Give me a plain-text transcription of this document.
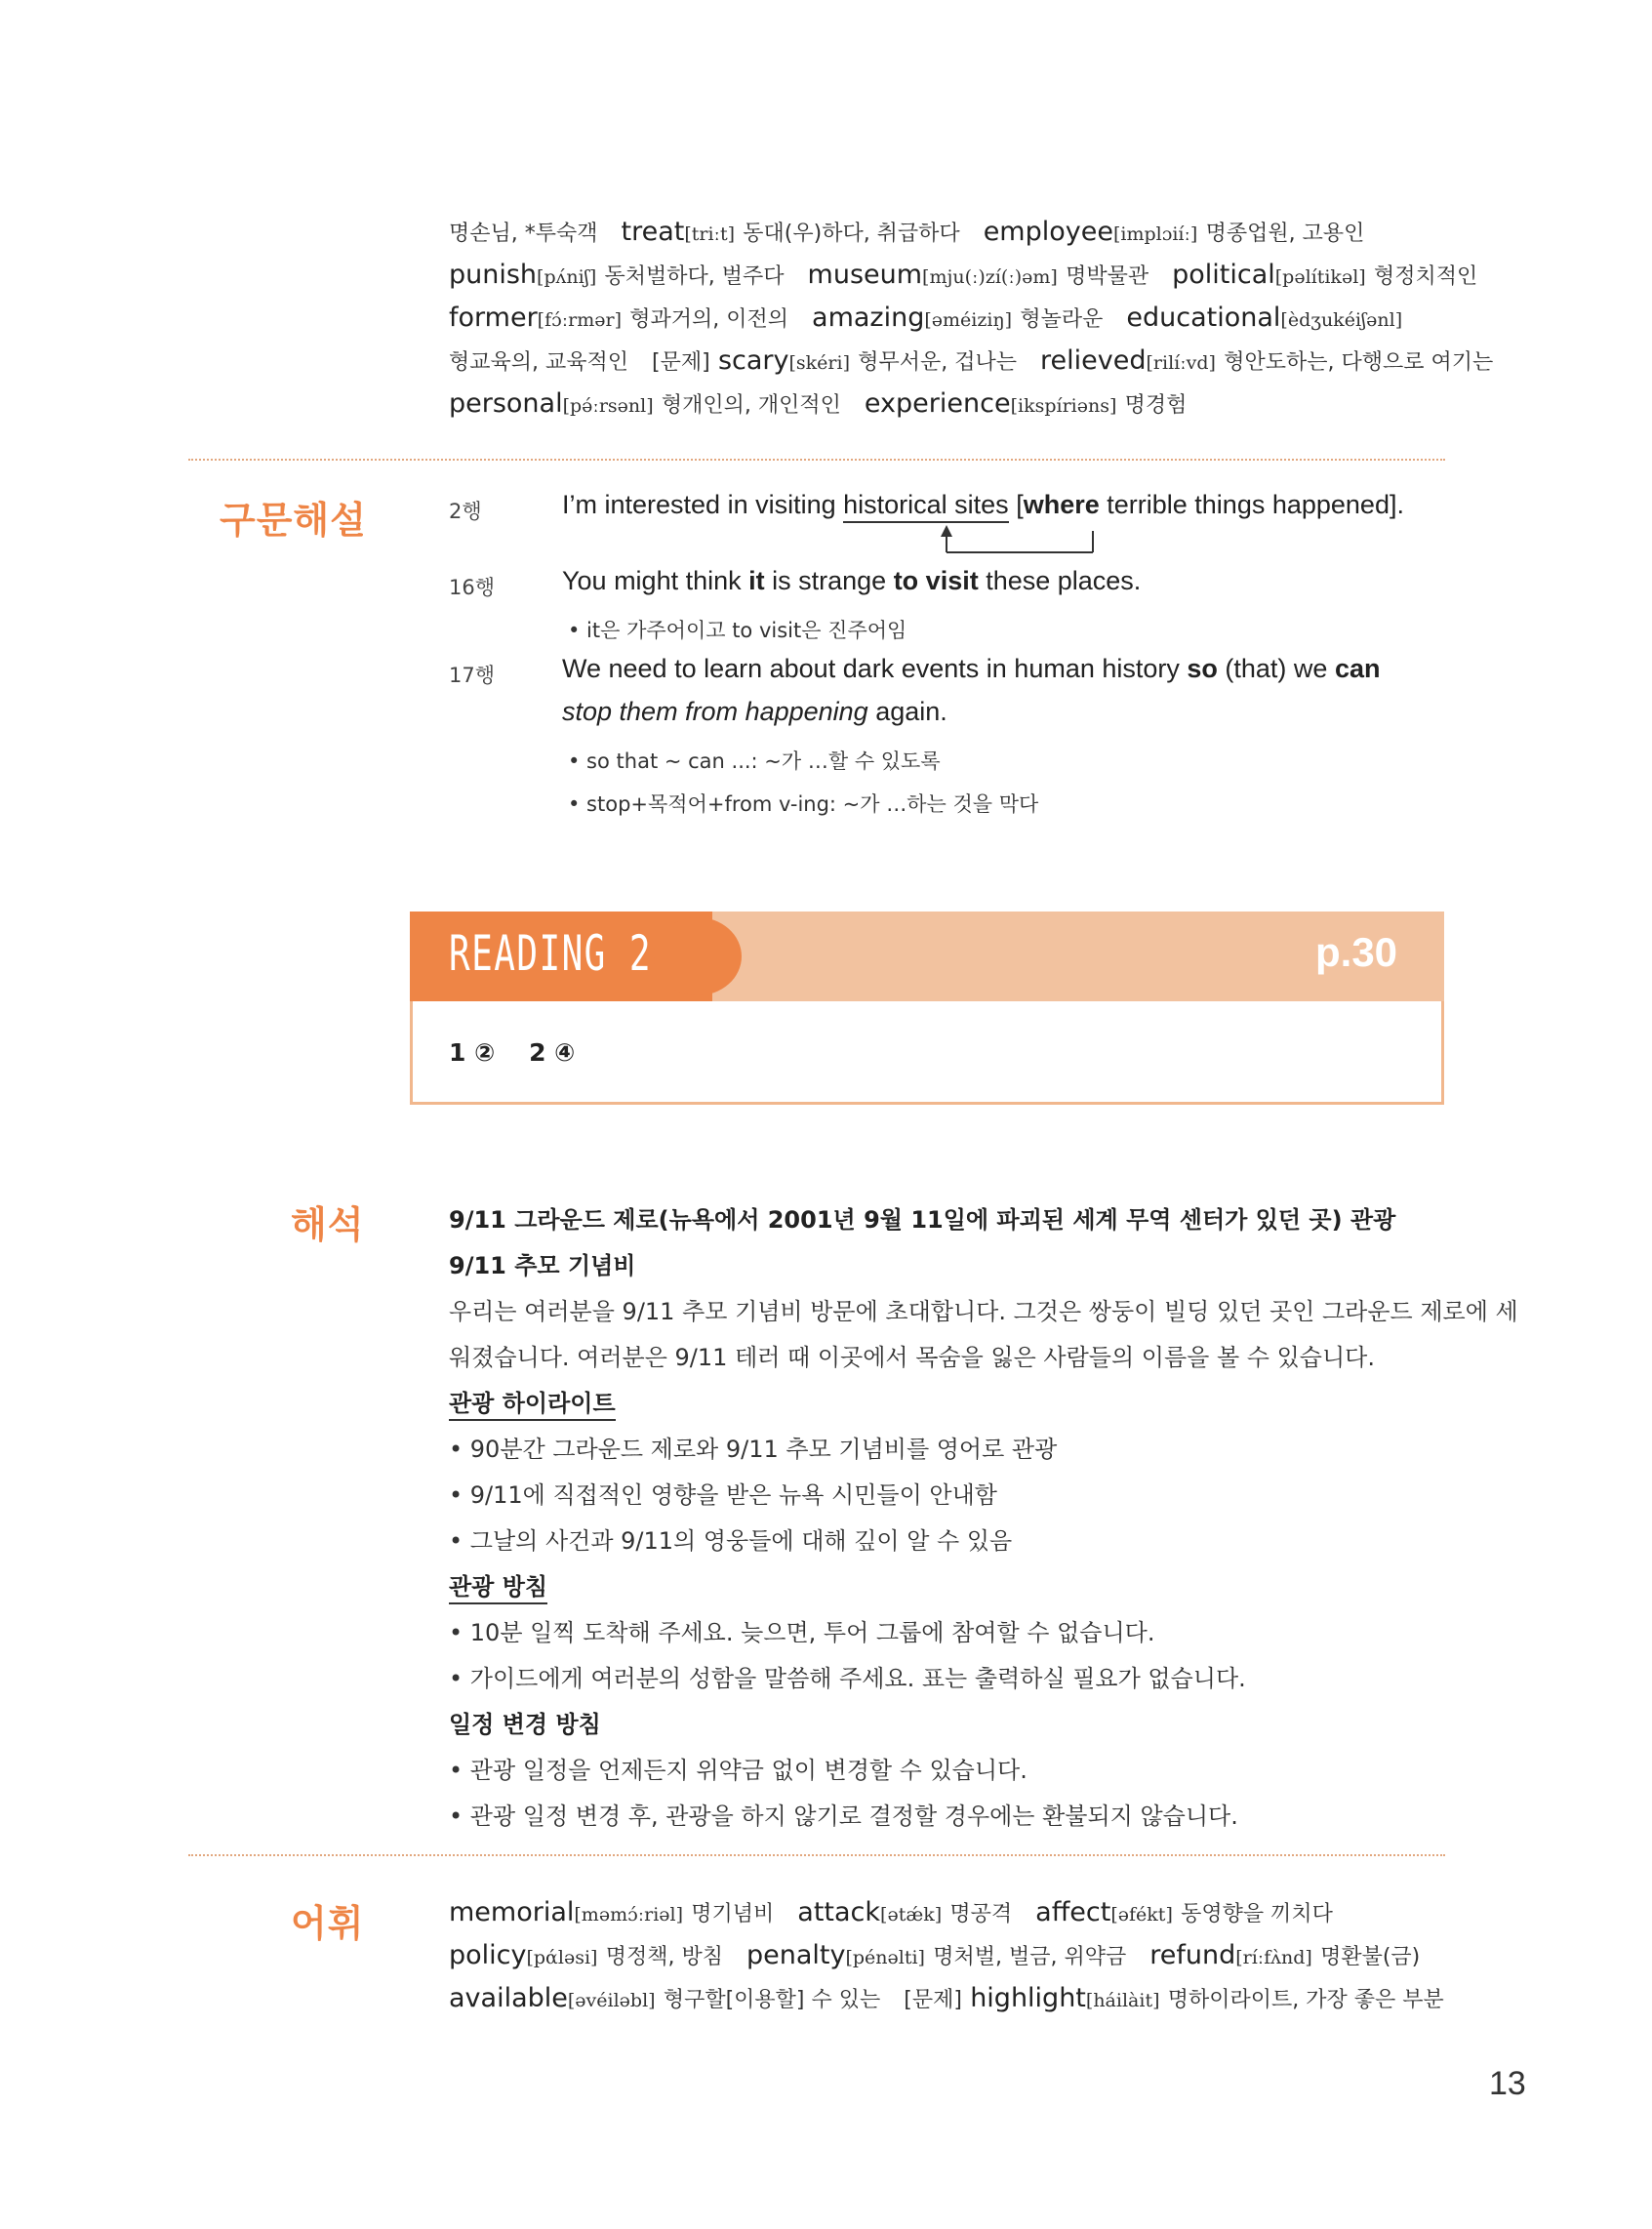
명손님, *투숙객 treat[triːt] 동대(우)하다, 취급하다 employee[implɔiíː] 명종업원, 고용인
punish[pʌ́niʃ] 동처벌하다, 벌주다 museum[mju(ː)zí(ː)əm] 명박물관 political[pəlítikəl] 형정치적인
former[fɔ́ːrmər] 형과거의, 이전의 amazing[əméiziŋ] 형놀라운 educational[èdʒukéiʃənl]
형교육의, 교육적인 [문제] scary[skéri] 형무서운, 겁나는 relieved[rilíːvd] 형안도하는, 다행으로 여기는
personal[pə́ːrsənl] 형개인의, 개인적인 experience[ikspíriəns] 명경험
구문해설	2행	I’m interested in visiting historical sites [where terrible things happened].
16행	You might think it is strange to visit these places.
• it은 가주어이고 to visit은 진주어임
17행	We need to learn about dark events in human history so (that) we can
stop them from happening again.
• so that ~ can ...: ~가 …할 수 있도록
• stop+목적어+from v-ing: ~가 …하는 것을 막다
READING 2	p.30
1 ②    2 ④
해석	9/11 그라운드 제로(뉴욕에서 2001년 9월 11일에 파괴된 세계 무역 센터가 있던 곳) 관광
9/11 추모 기념비
우리는 여러분을 9/11 추모 기념비 방문에 초대합니다. 그것은 쌍둥이 빌딩 있던 곳인 그라운드 제로에 세
워졌습니다. 여러분은 9/11 테러 때 이곳에서 목숨을 잃은 사람들의 이름을 볼 수 있습니다.
관광 하이라이트
• 90분간 그라운드 제로와 9/11 추모 기념비를 영어로 관광
• 9/11에 직접적인 영향을 받은 뉴욕 시민들이 안내함
• 그날의 사건과 9/11의 영웅들에 대해 깊이 알 수 있음
관광 방침
• 10분 일찍 도착해 주세요. 늦으면, 투어 그룹에 참여할 수 없습니다.
• 가이드에게 여러분의 성함을 말씀해 주세요. 표는 출력하실 필요가 없습니다.
일정 변경 방침
• 관광 일정을 언제든지 위약금 없이 변경할 수 있습니다.
• 관광 일정 변경 후, 관광을 하지 않기로 결정할 경우에는 환불되지 않습니다.
어휘	memorial[məmɔ́ːriəl] 명기념비 attack[ətǽk] 명공격 affect[əfékt] 동영향을 끼치다
policy[pάləsi] 명정책, 방침 penalty[pénəlti] 명처벌, 벌금, 위약금 refund[ríːfʌ̀nd] 명환불(금)
available[əvéiləbl] 형구할[이용할] 수 있는 [문제] highlight[háilàit] 명하이라이트, 가장 좋은 부분
13
